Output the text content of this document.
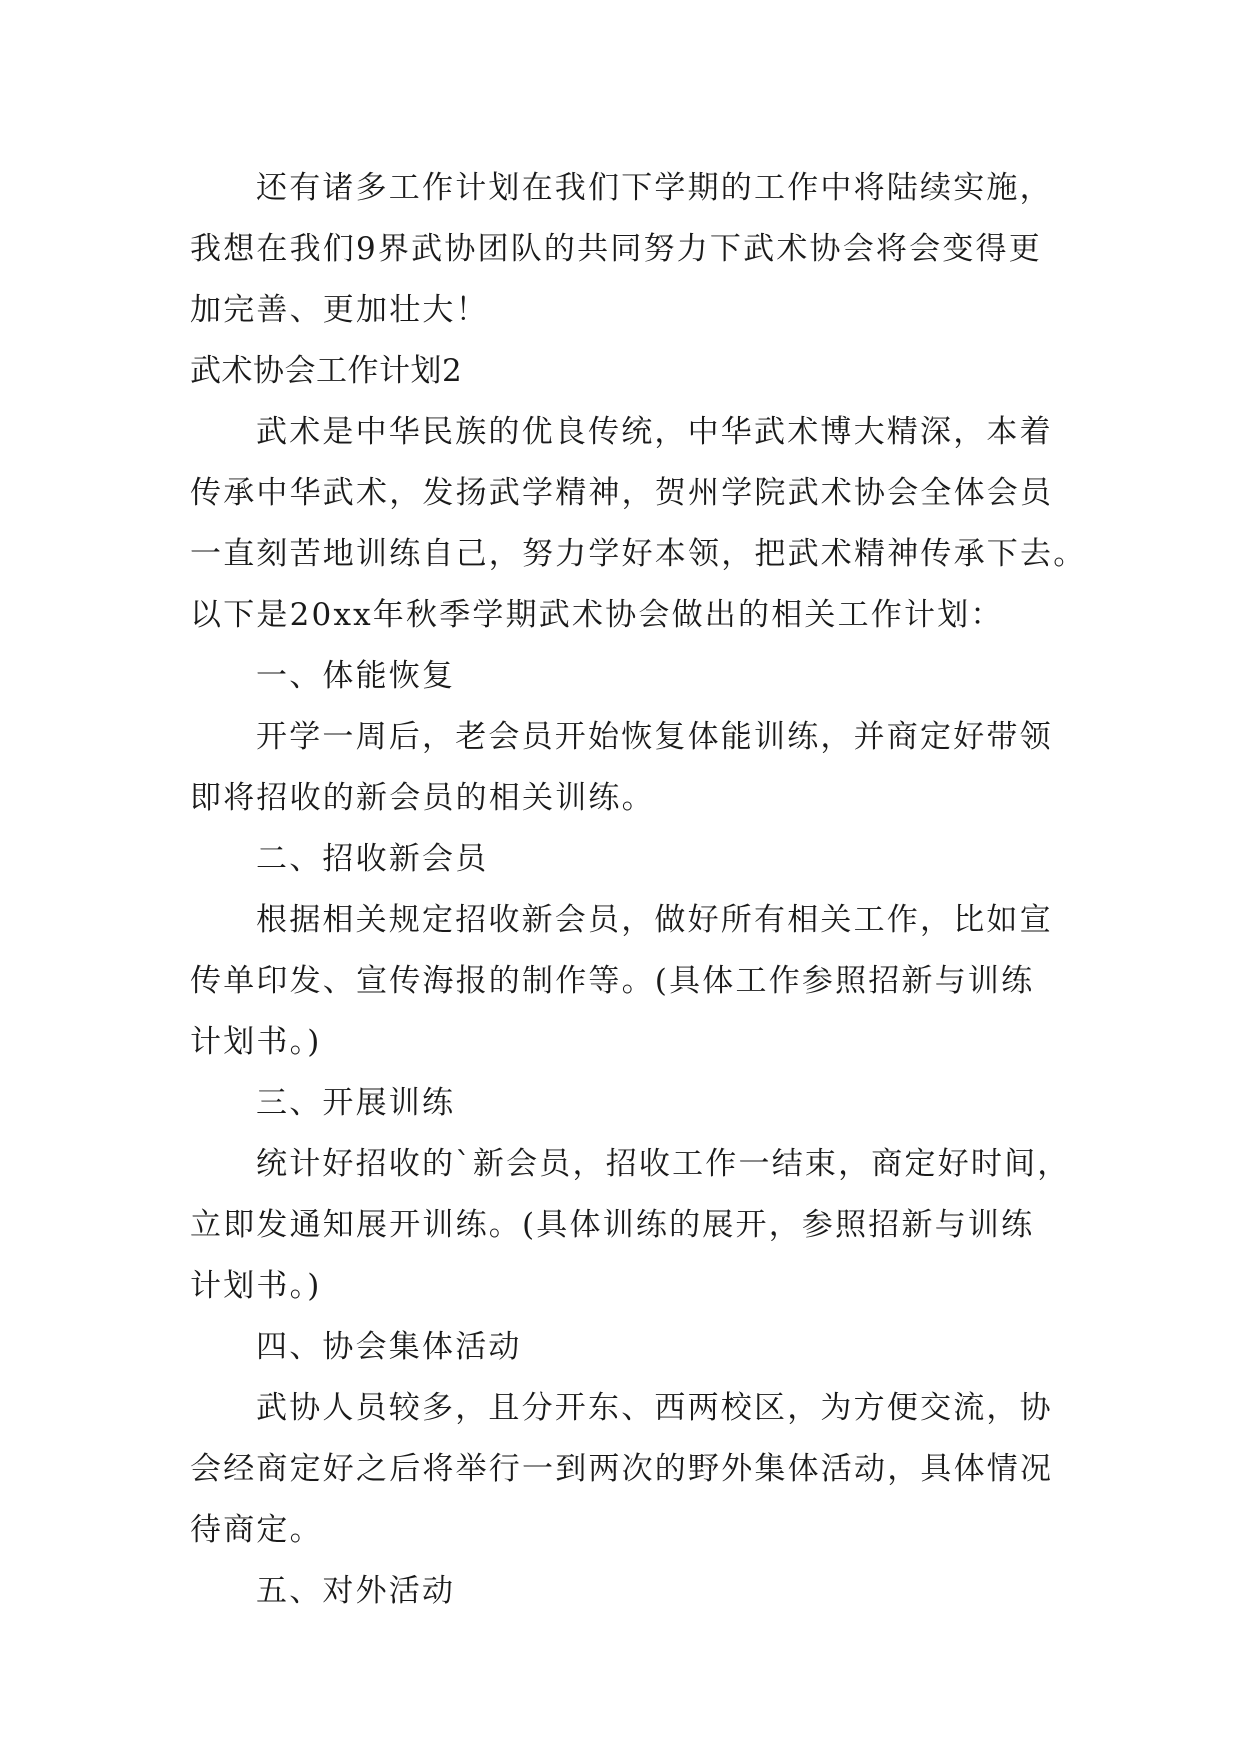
还有诸多工作计划在我们下学期的工作中将陆续实施，
我想在我们9界武协团队的共同努力下武术协会将会变得更
加完善、更加壮大！
武术协会工作计划2
武术是中华民族的优良传统，中华武术博大精深，本着
传承中华武术，发扬武学精神，贺州学院武术协会全体会员
一直刻苦地训练自己，努力学好本领，把武术精神传承下去。
以下是20xx年秋季学期武术协会做出的相关工作计划：
一、体能恢复
开学一周后，老会员开始恢复体能训练，并商定好带领
即将招收的新会员的相关训练。
二、招收新会员
根据相关规定招收新会员，做好所有相关工作，比如宣
传单印发、宣传海报的制作等。(具体工作参照招新与训练
计划书。)
三、开展训练
统计好招收的`新会员，招收工作一结束，商定好时间，
立即发通知展开训练。(具体训练的展开，参照招新与训练
计划书。)
四、协会集体活动
武协人员较多，且分开东、西两校区，为方便交流，协
会经商定好之后将举行一到两次的野外集体活动，具体情况
待商定。
五、对外活动
